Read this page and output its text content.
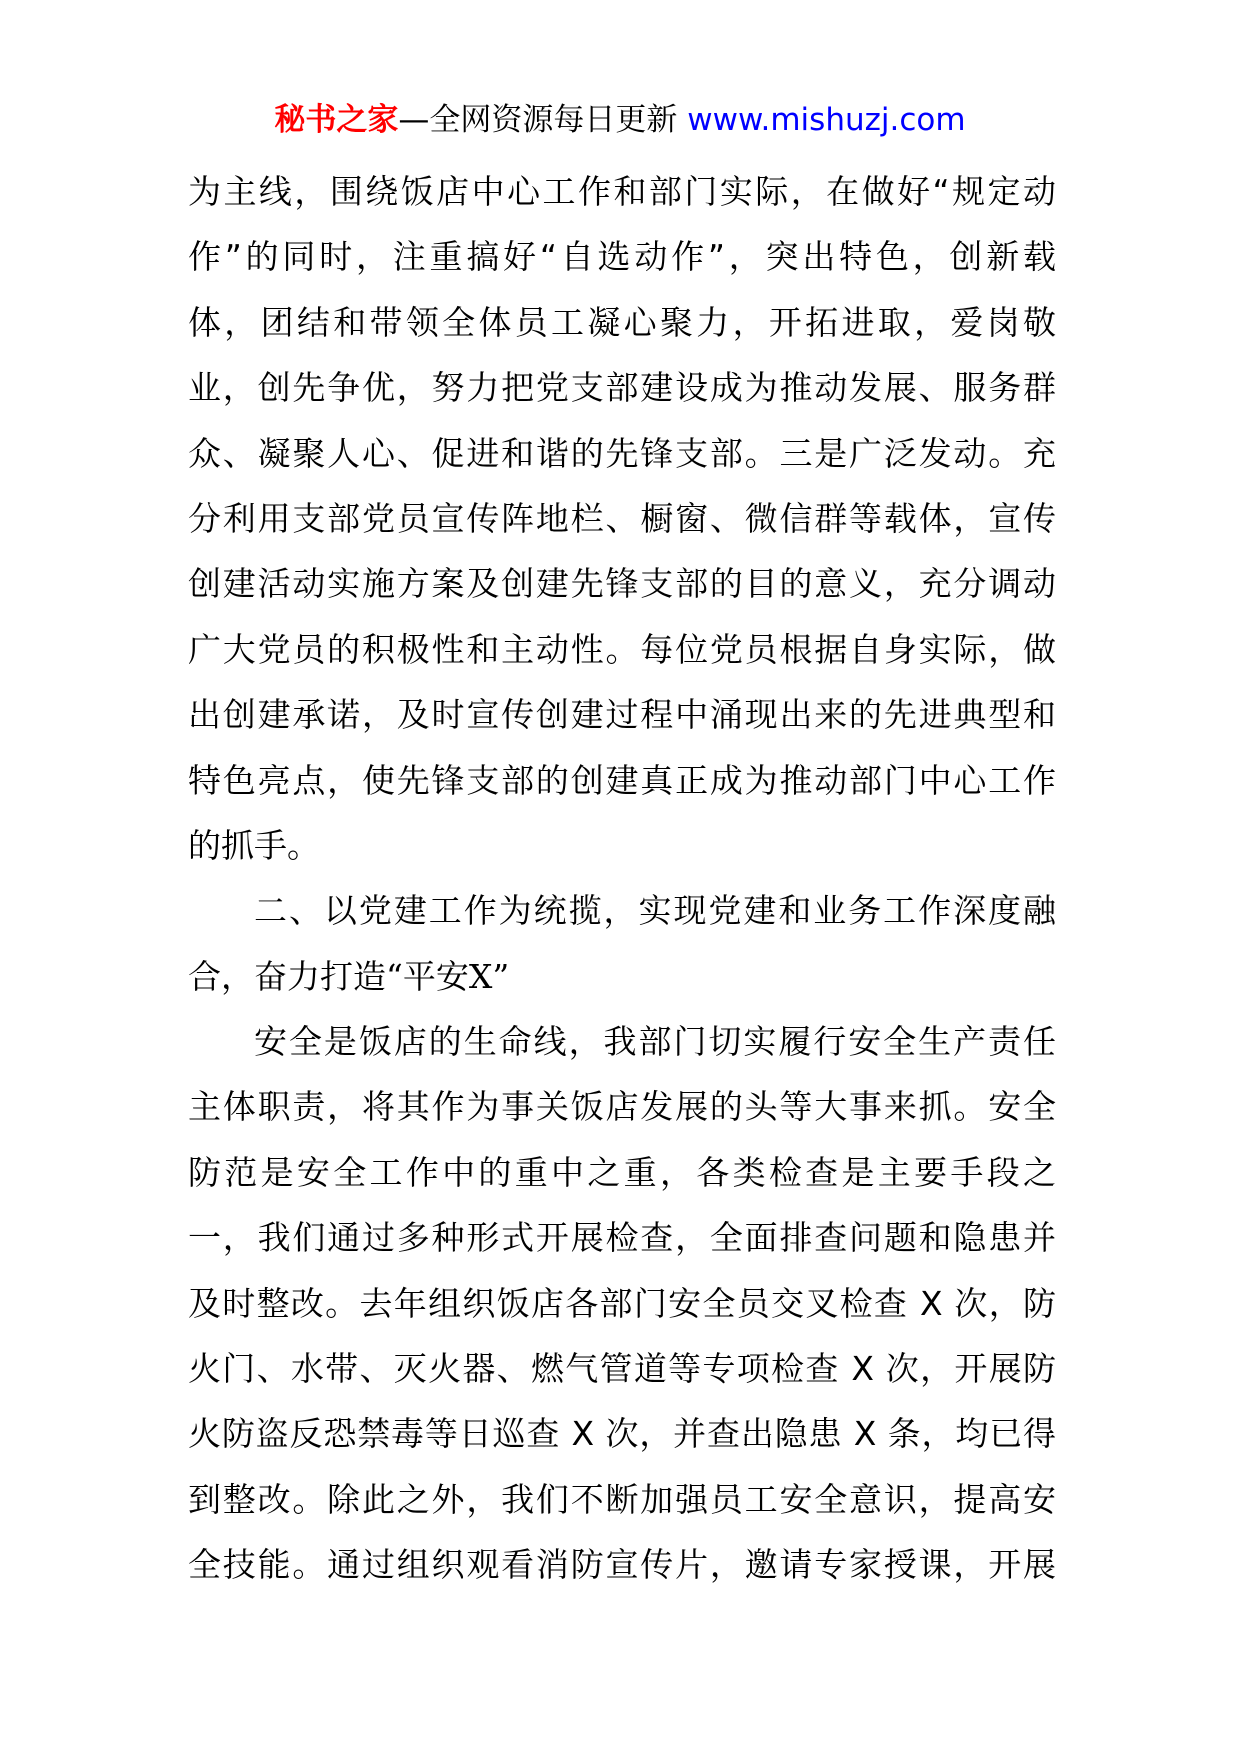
秘书之家—全网资源每日更新 www.mishuzj.com
为主线，围绕饭店中心工作和部门实际，在做好“规定动
作”的同时，注重搞好“自选动作”，突出特色，创新载
体，团结和带领全体员工凝心聚力，开拓进取，爱岗敬
业，创先争优，努力把党支部建设成为推动发展、服务群
众、凝聚人心、促进和谐的先锋支部。三是广泛发动。充
分利用支部党员宣传阵地栏、橱窗、微信群等载体，宣传
创建活动实施方案及创建先锋支部的目的意义，充分调动
广大党员的积极性和主动性。每位党员根据自身实际，做
出创建承诺，及时宣传创建过程中涌现出来的先进典型和
特色亮点，使先锋支部的创建真正成为推动部门中心工作
的抓手。
二、以党建工作为统揽，实现党建和业务工作深度融
合，奋力打造“平安X”
安全是饭店的生命线，我部门切实履行安全生产责任
主体职责，将其作为事关饭店发展的头等大事来抓。安全
防范是安全工作中的重中之重，各类检查是主要手段之
一，我们通过多种形式开展检查，全面排查问题和隐患并
及时整改。去年组织饭店各部门安全员交叉检查 X 次，防
火门、水带、灭火器、燃气管道等专项检查 X 次，开展防
火防盗反恐禁毒等日巡查 X 次，并查出隐患 X 条，均已得
到整改。除此之外，我们不断加强员工安全意识，提高安
全技能。通过组织观看消防宣传片，邀请专家授课，开展
